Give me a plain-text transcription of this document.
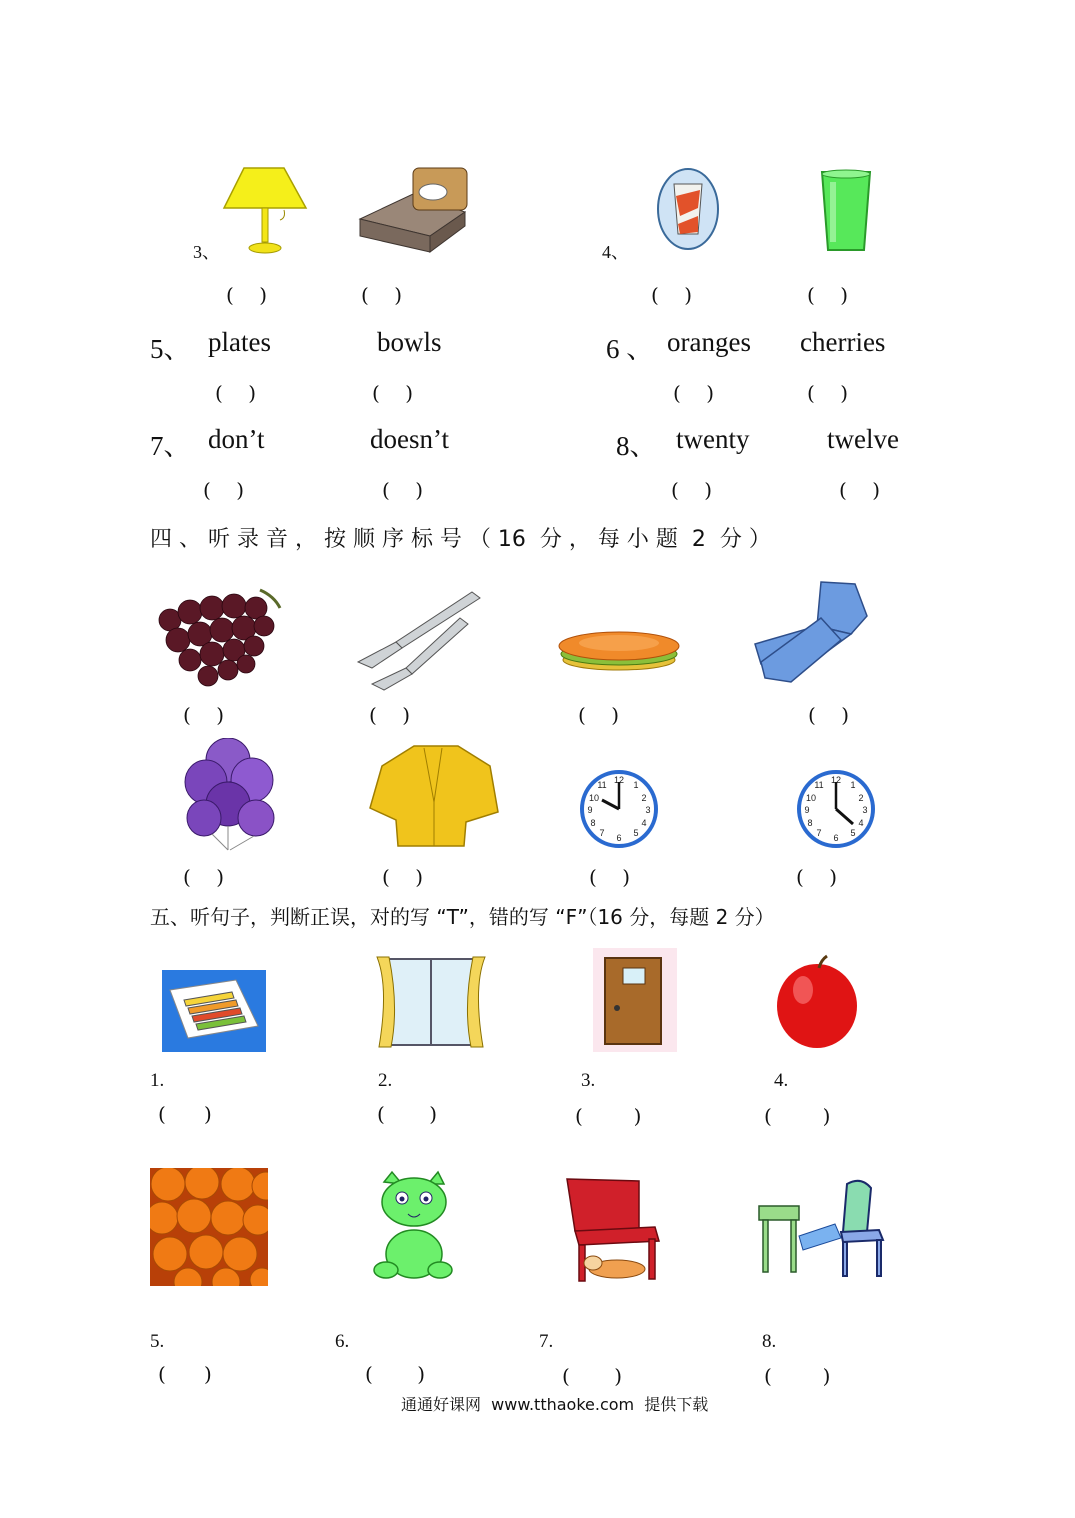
3、
(    )	(    )
4、
(    )	(    )
5、 plates	bowls	6 、 oranges cherries
(    )	(    )	(    )	(    )
7、 don’t	doesn’t	8、 twenty	twelve
(    )	(    )	(    )	(    )
四 、 听 录 音 ， 按 顺 序 标 号 （ 16  分 ， 每 小 题  2  分 ）
(    )	(    )	(    )	(    )
12 1
2
3
4
5
6
7
8
9
10
11	12 1
2
3
4
5
6
7
8
9
10
11
(    )	(    )	(    )	(    )
五、听句子，判断正误，对的写 “T”，错的写 “F”（16 分，每题 2 分）
1.	2.	3.	4.
(      )	(       )	(        )	(        )
5.	6.	7.	8.
(      )	(       )	(       )	(        )
通通好课网  www.tthaoke.com  提供下载
